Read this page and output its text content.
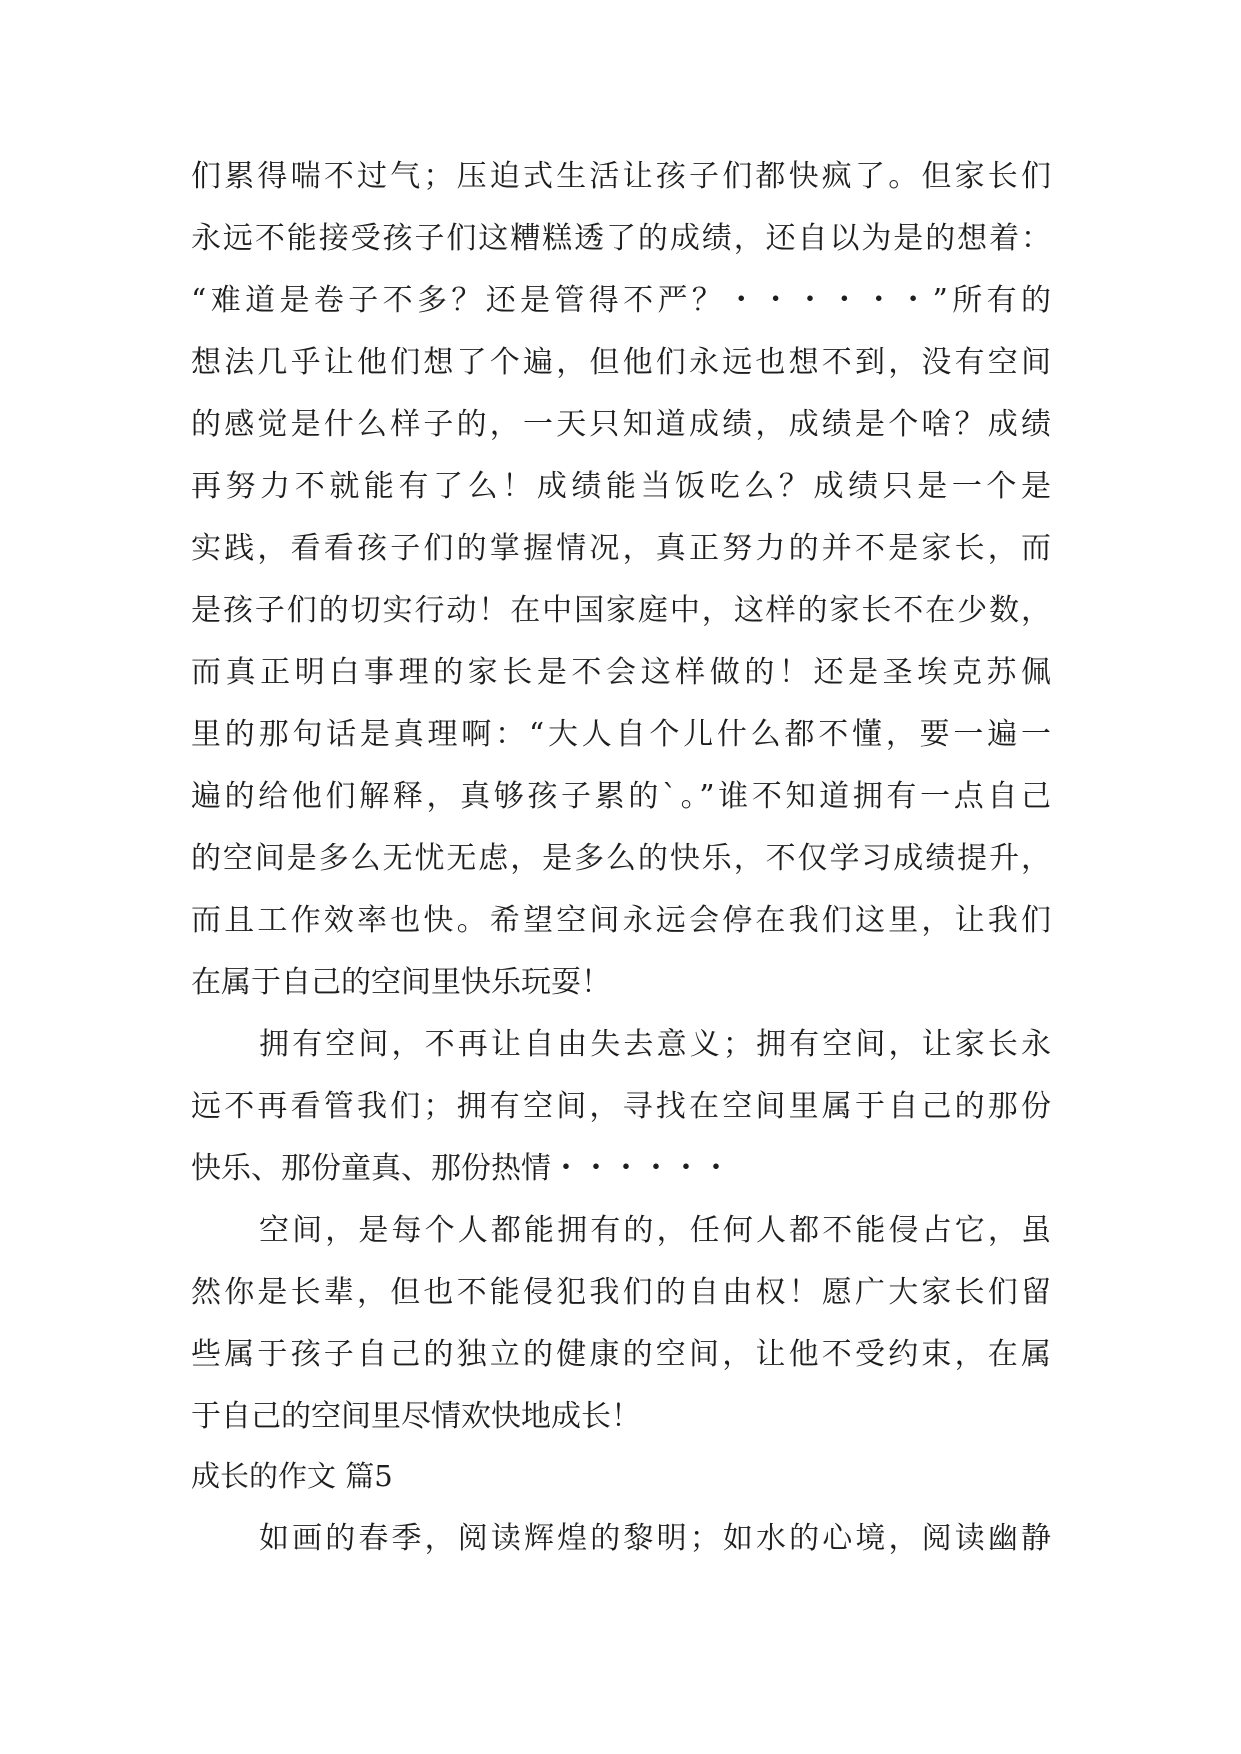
们累得喘不过气；压迫式生活让孩子们都快疯了。但家长们
永远不能接受孩子们这糟糕透了的成绩，还自以为是的想着：
“难道是卷子不多？还是管得不严？・・・・・・”所有的
想法几乎让他们想了个遍，但他们永远也想不到，没有空间
的感觉是什么样子的，一天只知道成绩，成绩是个啥？成绩
再努力不就能有了么！成绩能当饭吃么？成绩只是一个是
实践，看看孩子们的掌握情况，真正努力的并不是家长，而
是孩子们的切实行动！在中国家庭中，这样的家长不在少数，
而真正明白事理的家长是不会这样做的！还是圣埃克苏佩
里的那句话是真理啊：“大人自个儿什么都不懂，要一遍一
遍的给他们解释，真够孩子累的`。”谁不知道拥有一点自己
的空间是多么无忧无虑，是多么的快乐，不仅学习成绩提升，
而且工作效率也快。希望空间永远会停在我们这里，让我们
在属于自己的空间里快乐玩耍！
拥有空间，不再让自由失去意义；拥有空间，让家长永
远不再看管我们；拥有空间，寻找在空间里属于自己的那份
快乐、那份童真、那份热情・・・・・・
空间，是每个人都能拥有的，任何人都不能侵占它，虽
然你是长辈，但也不能侵犯我们的自由权！愿广大家长们留
些属于孩子自己的独立的健康的空间，让他不受约束，在属
于自己的空间里尽情欢快地成长！
成长的作文 篇5
如画的春季，阅读辉煌的黎明；如水的心境，阅读幽静
